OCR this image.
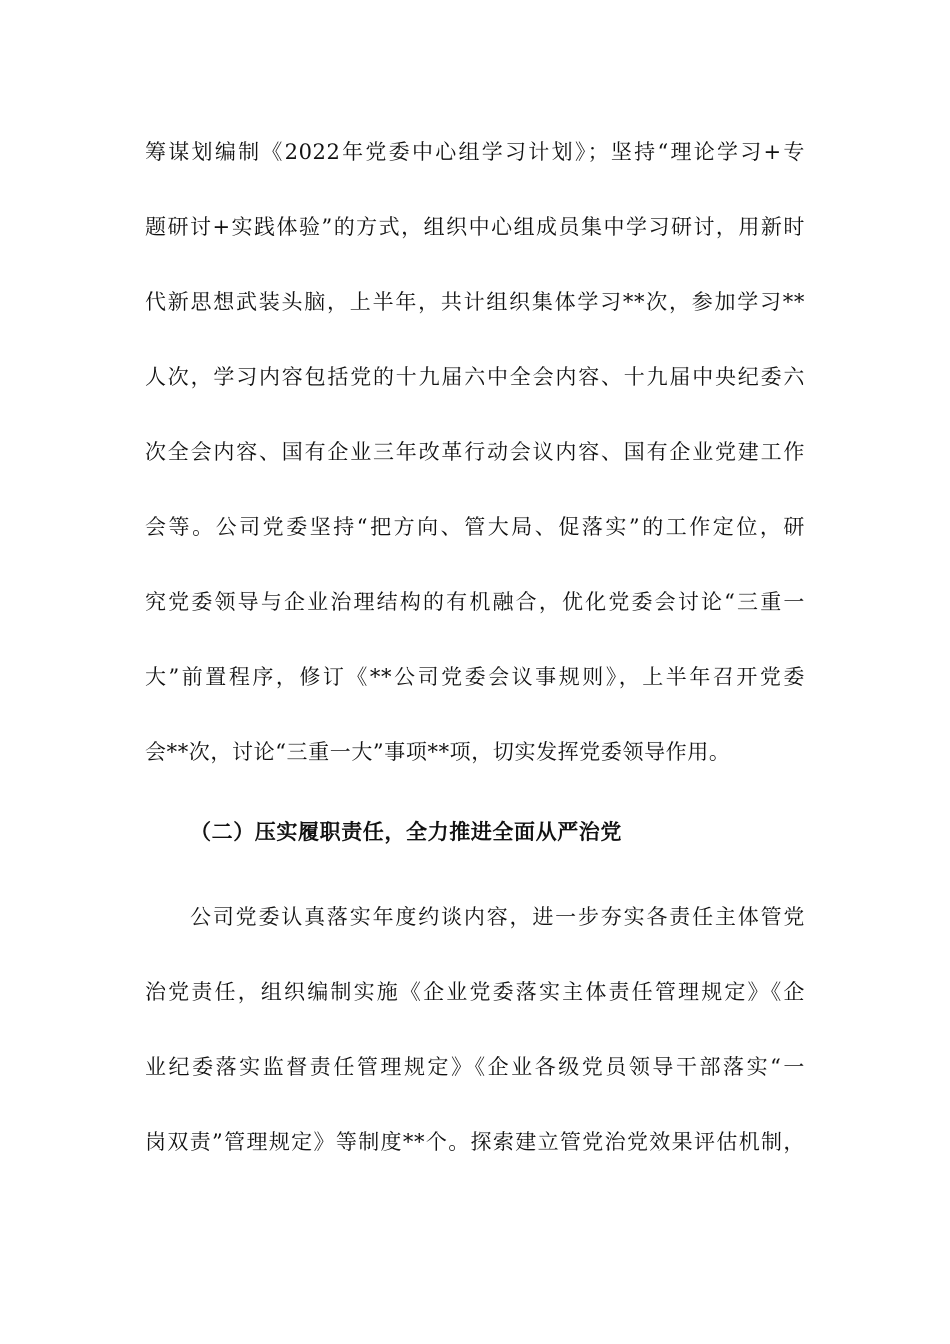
筹谋划编制《2022年党委中心组学习计划》；坚持“理论学习+专
题研讨+实践体验”的方式，组织中心组成员集中学习研讨，用新时
代新思想武装头脑，上半年，共计组织集体学习**次，参加学习**
人次，学习内容包括党的十九届六中全会内容、十九届中央纪委六
次全会内容、国有企业三年改革行动会议内容、国有企业党建工作
会等。公司党委坚持“把方向、管大局、促落实”的工作定位，研
究党委领导与企业治理结构的有机融合，优化党委会讨论“三重一
大”前置程序，修订《**公司党委会议事规则》，上半年召开党委
会**次，讨论“三重一大”事项**项，切实发挥党委领导作用。
（二）压实履职责任，全力推进全面从严治党
公司党委认真落实年度约谈内容，进一步夯实各责任主体管党
治党责任，组织编制实施《企业党委落实主体责任管理规定》《企
业纪委落实监督责任管理规定》《企业各级党员领导干部落实“一
岗双责”管理规定》等制度**个。探索建立管党治党效果评估机制，
